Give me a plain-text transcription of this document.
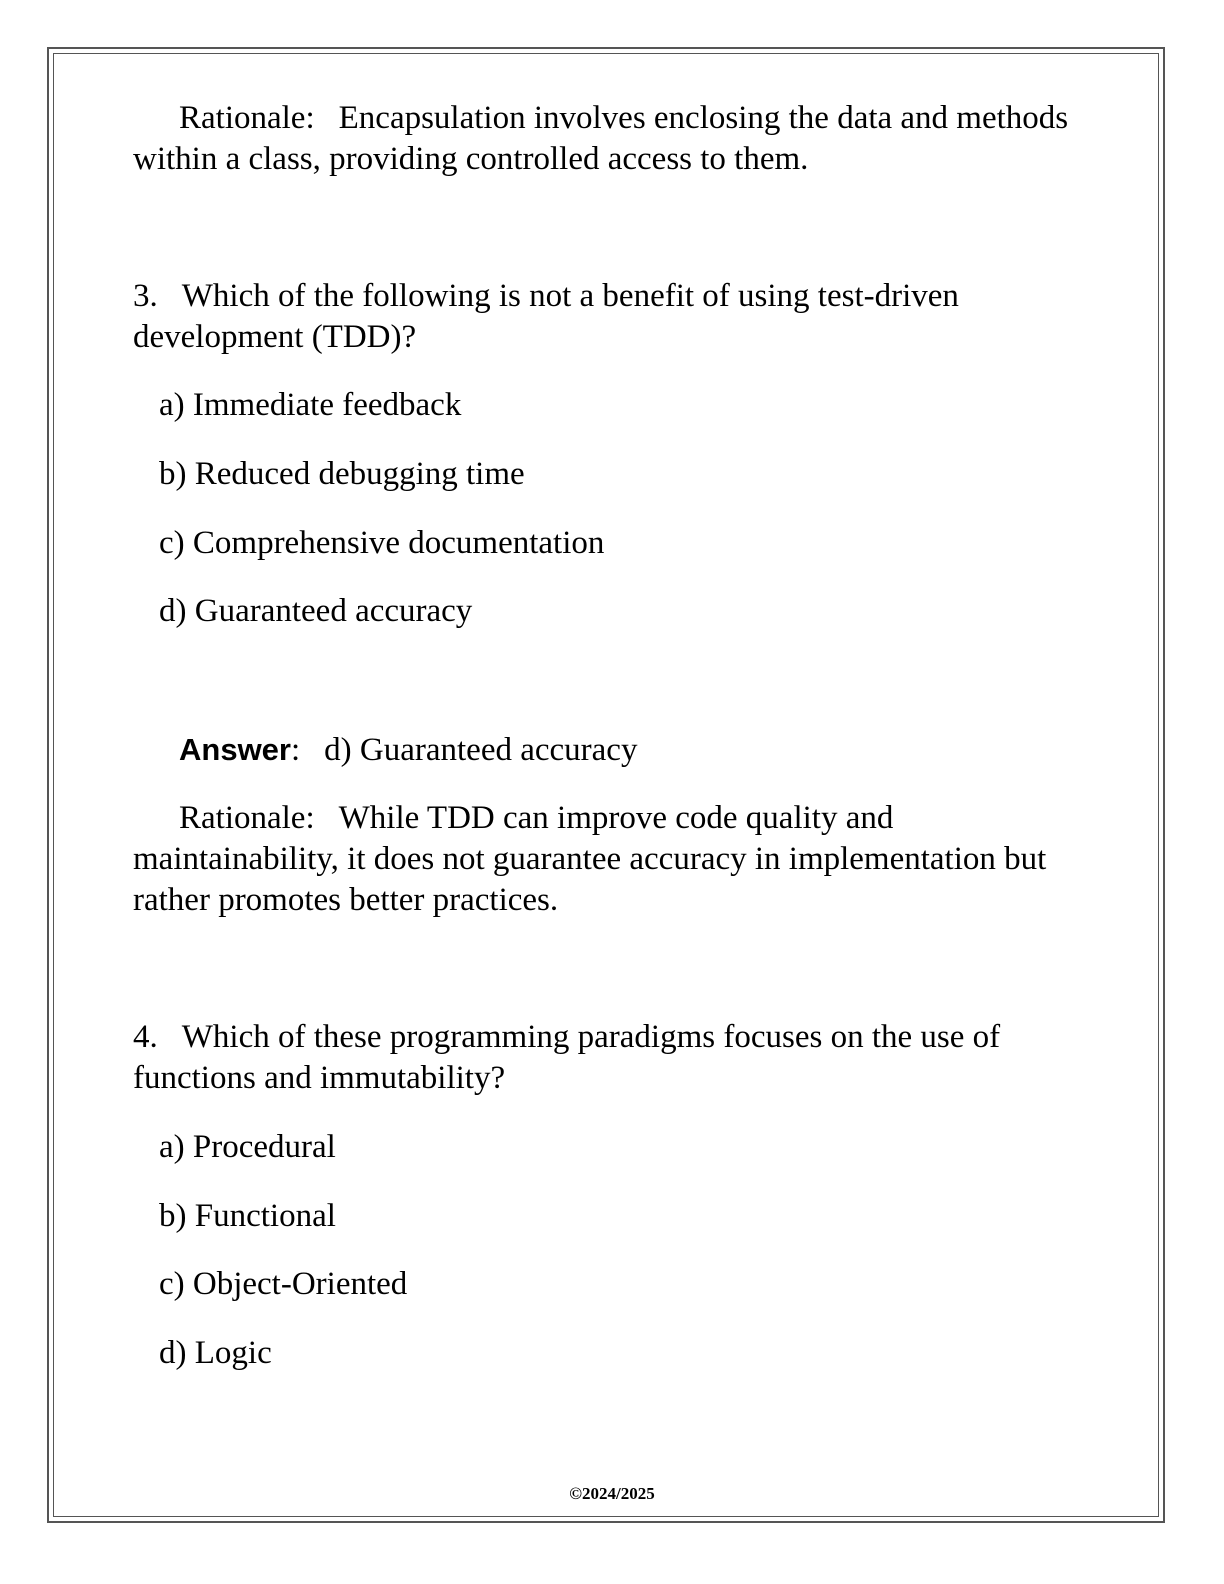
Rationale: Encapsulation involves enclosing the data and methods within a class, providing controlled access to them.

3. Which of the following is not a benefit of using test-driven development (TDD)?

a) Immediate feedback

b) Reduced debugging time

c) Comprehensive documentation

d) Guaranteed accuracy

Answer: d) Guaranteed accuracy

Rationale: While TDD can improve code quality and maintainability, it does not guarantee accuracy in implementation but rather promotes better practices.

4. Which of these programming paradigms focuses on the use of functions and immutability?

a) Procedural

b) Functional

c) Object-Oriented

d) Logic

©2024/2025
